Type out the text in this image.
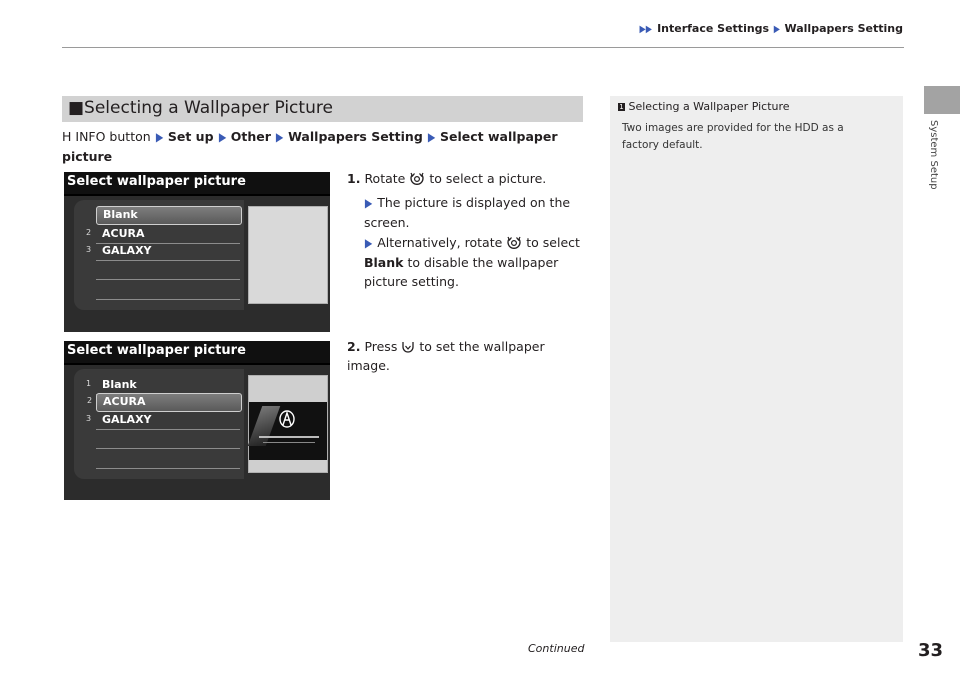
▶▶ Interface Settings ▶ Wallpapers Setting
System Setup
■Selecting a Wallpaper Picture
H INFO button ▶ Set up ▶ Other ▶ Wallpapers Setting ▶ Select wallpaper picture
Select wallpaper picture
Blank
2 ACURA
3 GALAXY
Select wallpaper picture
1 Blank
2 ACURA
3 GALAXY
1. Rotate to select a picture.
▶ The picture is displayed on the screen.
▶ Alternatively, rotate to select Blank to disable the wallpaper picture setting.
2. Press to set the wallpaper image.
1 Selecting a Wallpaper Picture
Two images are provided for the HDD as a factory default.
Continued	33
